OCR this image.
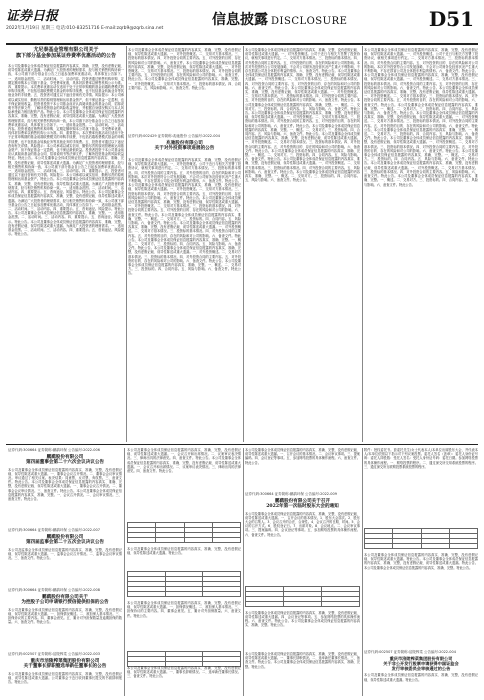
证券日报
2022年1月19日 星期三 电话:010-83251716 E-mail:zqrb9@zqrb.sina.net
信息披露 DISCLOSURE	D51
尤尼泰基金管理有限公司关于
旗下部分基金参加某证券费率优惠活动的公告
本公司及董事会全体成员保证信息披露的内容真实、准确、完整，没有虚假记载、误导性陈述或重大遗漏。为满足广大投资者的理财需求，经与相关销售机构协商一致，本公司旗下部分基金自公告之日起参加费率优惠活动，具体事宜公告如下。一、适用基金范围。二、活动时间。三、活动内容。投资者通过销售机构申购、定期定额申购本公司旗下基金，享受费率优惠，具体折扣费率以销售机构公示为准。四、重要提示。本次费率优惠活动仅适用于处于正常申购期的基金前端收费模式的申购手续费，不包括后端收费模式基金的申购手续费，也不包括基金转换业务等其他业务的手续费。五、投资者可通过以下途径咨询有关详情。风险提示：本公司承诺以诚实信用、勤勉尽责的原则管理和运用基金资产，但不保证基金一定盈利，也不保证最低收益。投资者投资于本公司基金前应认真阅读基金的基金合同、招募说明书等法律文件，了解所投资基金的风险收益特征，并根据自身情况购买与本人风险承受能力相匹配的产品。特此公告。本公司及董事会全体成员保证信息披露的内容真实、准确、完整，没有虚假记载、误导性陈述或重大遗漏。为满足广大投资者的理财需求，经与相关销售机构协商一致，本公司旗下部分基金自公告之日起参加费率优惠活动，具体事宜公告如下。一、适用基金范围。二、活动时间。三、活动内容。投资者通过销售机构申购、定期定额申购本公司旗下基金，享受费率优惠，具体折扣费率以销售机构公示为准。四、重要提示。本次费率优惠活动仅适用于处于正常申购期的基金前端收费模式的申购手续费，不包括后端收费模式基金的申购手续费，也不包括基金转换业务等其他业务的手续费。五、投资者可通过以下途径咨询有关详情。风险提示：本公司承诺以诚实信用、勤勉尽责的原则管理和运用基金资产，但不保证基金一定盈利，也不保证最低收益。投资者投资于本公司基金前应认真阅读基金的基金合同、招募说明书等法律文件，了解所投资基金的风险收益特征。特此公告。本公司及董事会全体成员保证信息披露的内容真实、准确、完整，没有虚假记载、误导性陈述或重大遗漏。为满足广大投资者的理财需求，经与相关销售机构协商一致，本公司旗下部分基金自公告之日起参加费率优惠活动。一、适用基金范围。二、活动时间。三、活动内容。四、重要提示。五、投资者可通过以下途径咨询有关详情。风险提示：本公司承诺以诚实信用、勤勉尽责的原则管理和运用基金资产。特此公告。本公司及董事会全体成员保证信息披露的内容真实、准确、完整，没有虚假记载、误导性陈述或重大遗漏。为满足广大投资者的理财需求，经与相关销售机构协商一致。一、适用基金范围。二、活动时间。三、活动内容。四、重要提示。五、咨询途径。风险提示。特此公告。本公司及董事会全体成员保证信息披露的内容真实、准确、完整，没有虚假记载、误导性陈述或重大遗漏。为满足广大投资者的理财需求，经与相关销售机构协商一致，本公司旗下部分基金自公告之日起参加费率优惠活动，具体事宜公告如下。一、适用基金范围。二、活动时间。三、活动内容。四、重要提示。五、咨询途径。风险提示。特此公告。本公司及董事会全体成员保证信息披露的内容真实、准确、完整。一、适用基金范围。二、活动时间。三、活动内容。四、重要提示。五、咨询途径。风险提示。特此公告。本公司及董事会全体成员保证信息披露的内容真实、准确、完整，没有虚假记载、误导性陈述或重大遗漏。为满足广大投资者的理财需求。一、适用基金范围。二、活动时间。三、活动内容。四、重要提示。五、咨询途径。风险提示。特此公告。
证券代码:002429 证券简称:兆驰股份 公告编号:2022-004
兆驰股份有限公司
关于对外投资事项进展的公告
本公司及董事会全体成员保证信息披露的内容真实、准确、完整，没有虚假记载、误导性陈述或重大遗漏。一、对外投资概述。二、交易对方基本情况。三、投资标的基本情况。四、对外投资合同的主要内容。五、对外投资的目的、存在的风险和对公司的影响。六、备查文件。本公司及董事会全体成员保证信息披露的内容真实、准确、完整，没有虚假记载、误导性陈述或重大遗漏。一、对外投资概述。二、交易对方基本情况。三、投资标的基本情况。四、对外投资合同的主要内容。五、对外投资的目的、存在的风险和对公司的影响。六、备查文件。特此公告。本公司及董事会全体成员保证信息披露的内容真实、准确、完整。一、对外投资概述。二、交易对方基本情况。三、投资标的基本情况。四、合同主要内容。五、风险和影响。六、备查文件。特此公告。
本公司及董事会全体成员保证信息披露的内容真实、准确、完整，没有虚假记载、误导性陈述或重大遗漏。一、对外投资概述。公司于近日与相关方签署了投资协议，就相关事项进行约定。二、交易对方基本情况。三、投资标的基本情况。四、对外投资合同的主要内容。五、对外投资的目的、存在的风险和对公司的影响。本次对外投资符合公司发展战略，不会对公司财务及经营状况产生重大不利影响，不存在损害公司及全体股东利益的情形。六、备查文件。特此公告。本公司及董事会全体成员保证信息披露的内容真实、准确、完整，没有虚假记载、误导性陈述或重大遗漏。一、对外投资概述。二、交易对方基本情况。三、投资标的基本情况。四、对外投资合同的主要内容。五、对外投资的目的、存在的风险和对公司的影响。六、备查文件。特此公告。本公司及董事会全体成员保证信息披露的内容真实、准确、完整，没有虚假记载、误导性陈述或重大遗漏。一、对外投资概述。二、交易对方基本情况。三、投资标的基本情况。四、对外投资合同的主要内容。五、对外投资的目的、存在的风险和对公司的影响。六、备查文件。特此公告。本公司及董事会全体成员保证信息披露的内容真实、准确、完整。一、概述。二、交易对方。三、投资标的。四、合同内容。五、风险与影响。六、备查文件。特此公告。本公司及董事会全体成员保证信息披露的内容真实、准确、完整，没有虚假记载、误导性陈述或重大遗漏。一、对外投资概述。二、交易对方基本情况。三、投资标的基本情况。四、对外投资合同的主要内容。五、对外投资的目的、存在的风险和对公司的影响。六、备查文件。特此公告。本公司及董事会全体成员保证信息披露的内容真实、准确、完整。一、概述。二、交易对方。三、投资标的。四、合同内容。五、风险与影响。六、备查文件。特此公告。本公司及董事会全体成员保证信息披露的内容真实、准确、完整，没有虚假记载、误导性陈述或重大遗漏。一、对外投资概述。二、交易对方基本情况。三、投资标的基本情况。四、对外投资合同的主要内容。五、对外投资的目的、存在的风险和对公司的影响。六、备查文件。特此公告。本公司及董事会全体成员保证信息披露的内容真实、准确、完整。一、概述。二、交易对方。三、投资标的。四、合同内容。五、风险与影响。六、备查文件。特此公告。
本公司及董事会全体成员保证信息披露的内容真实、准确、完整，没有虚假记载、误导性陈述或重大遗漏。一、对外投资概述。公司于近日与相关方签署了投资协议，就相关事项进行约定。二、交易对方基本情况。三、投资标的基本情况。四、对外投资合同的主要内容。五、对外投资的目的、存在的风险和对公司的影响。本次对外投资符合公司发展战略，不会对公司财务及经营状况产生重大不利影响，不存在损害公司及全体股东利益的情形。六、备查文件。特此公告。本公司及董事会全体成员保证信息披露的内容真实、准确、完整，没有虚假记载、误导性陈述或重大遗漏。一、对外投资概述。二、交易对方基本情况。三、投资标的基本情况。四、对外投资合同的主要内容。五、对外投资的目的、存在的风险和对公司的影响。六、备查文件。特此公告。本公司及董事会全体成员保证信息披露的内容真实、准确、完整，没有虚假记载、误导性陈述或重大遗漏。一、对外投资概述。二、交易对方基本情况。三、投资标的基本情况。四、对外投资合同的主要内容。五、对外投资的目的、存在的风险和对公司的影响。六、备查文件。特此公告。本公司及董事会全体成员保证信息披露的内容真实、准确、完整。一、概述。二、交易对方。三、投资标的。四、合同内容。五、风险与影响。六、备查文件。特此公告。本公司及董事会全体成员保证信息披露的内容真实、准确、完整，没有虚假记载、误导性陈述或重大遗漏。一、对外投资概述。二、交易对方基本情况。三、投资标的基本情况。四、对外投资合同的主要内容。五、对外投资的目的、存在的风险和对公司的影响。六、备查文件。特此公告。本公司及董事会全体成员保证信息披露的内容真实、准确、完整。一、概述。二、交易对方。三、投资标的。四、合同内容。五、风险与影响。六、备查文件。特此公告。本公司及董事会全体成员保证信息披露的内容真实、准确、完整，没有虚假记载、误导性陈述或重大遗漏。一、对外投资概述。二、交易对方基本情况。三、投资标的基本情况。四、对外投资合同的主要内容。五、对外投资的目的、存在的风险和对公司的影响。六、备查文件。特此公告。本公司及董事会全体成员保证信息披露的内容真实、准确、完整。一、概述。二、交易对方。三、投资标的。四、合同内容。五、风险与影响。六、备查文件。特此公告。本公司及董事会全体成员保证信息披露的内容真实、准确、完整，没有虚假记载、误导性陈述或重大遗漏。一、对外投资概述。二、交易对方基本情况。三、投资标的基本情况。四、对外投资合同的主要内容。五、风险和影响。六、备查文件。特此公告。本公司及董事会全体成员保证信息披露的内容真实、准确、完整。一、概述。二、交易对方。三、投资标的。四、合同内容。五、风险与影响。六、备查文件。特此公告。
本公司及董事会全体成员保证信息披露的内容真实、准确、完整，没有虚假记载、误导性陈述或重大遗漏。一、对外投资概述。公司于近日与相关方签署了投资协议，就相关事项进行约定。二、交易对方基本情况。三、投资标的基本情况。四、对外投资合同的主要内容。五、对外投资的目的、存在的风险和对公司的影响。本次对外投资符合公司发展战略，不会对公司财务及经营状况产生重大不利影响，不存在损害公司及全体股东利益的情形。六、备查文件。特此公告。本公司及董事会全体成员保证信息披露的内容真实、准确、完整，没有虚假记载、误导性陈述或重大遗漏。一、对外投资概述。二、交易对方基本情况。三、投资标的基本情况。四、对外投资合同的主要内容。五、对外投资的目的、存在的风险和对公司的影响。六、备查文件。特此公告。本公司及董事会全体成员保证信息披露的内容真实、准确、完整，没有虚假记载、误导性陈述或重大遗漏。一、对外投资概述。二、交易对方基本情况。三、投资标的基本情况。四、对外投资合同的主要内容。五、对外投资的目的、存在的风险和对公司的影响。六、备查文件。特此公告。本公司及董事会全体成员保证信息披露的内容真实、准确、完整。一、概述。二、交易对方。三、投资标的。四、合同内容。五、风险与影响。六、备查文件。特此公告。本公司及董事会全体成员保证信息披露的内容真实、准确、完整，没有虚假记载、误导性陈述或重大遗漏。一、对外投资概述。二、交易对方基本情况。三、投资标的基本情况。四、对外投资合同的主要内容。五、对外投资的目的、存在的风险和对公司的影响。六、备查文件。特此公告。本公司及董事会全体成员保证信息披露的内容真实、准确、完整。一、概述。二、交易对方。三、投资标的。四、合同内容。五、风险与影响。六、备查文件。特此公告。本公司及董事会全体成员保证信息披露的内容真实、准确、完整，没有虚假记载、误导性陈述或重大遗漏。一、对外投资概述。二、交易对方基本情况。三、投资标的基本情况。四、对外投资合同的主要内容。五、对外投资的目的、存在的风险和对公司的影响。六、备查文件。特此公告。本公司及董事会全体成员保证信息披露的内容真实、准确、完整。一、概述。二、交易对方。三、投资标的。四、合同内容。五、风险与影响。六、备查文件。特此公告。本公司及董事会全体成员保证信息披露的内容真实、准确、完整，没有虚假记载、误导性陈述或重大遗漏。一、对外投资概述。二、交易对方基本情况。三、投资标的基本情况。四、对外投资合同的主要内容。五、风险和影响。六、备查文件。特此公告。本公司及董事会全体成员保证信息披露的内容真实、准确、完整。一、概述。二、交易对方。三、投资标的。四、合同内容。五、风险与影响。六、备查文件。特此公告。
证券代码:300664 证券简称:鹏鹞环保 公告编号:2022-006
鹏鹞股份有限公司
第四届董事会第二十六次会议决议公告
本公司及董事会全体成员保证信息披露的内容真实、准确、完整，没有虚假记载、误导性陈述或重大遗漏。一、董事会会议召开情况。二、董事会会议审议情况。审议通过了相关议案。表决结果：同意票，反对票，弃权票。三、备查文件。特此公告。本公司及董事会全体成员保证信息披露的内容真实、准确、完整，没有虚假记载、误导性陈述或重大遗漏。一、董事会会议召开情况。二、董事会会议审议情况。三、备查文件。特此公告。本公司及董事会全体成员保证信息披露的内容真实、准确、完整。一、会议召开情况。二、会议审议情况。三、备查文件。特此公告。
证券代码:300664 证券简称:鹏鹞环保 公告编号:2022-007
鹏鹞股份有限公司
第四届监事会第二十五次会议决议公告
本公司及监事会全体成员保证信息披露的内容真实、准确、完整，没有虚假记载、误导性陈述或重大遗漏。一、监事会会议召开情况。二、监事会会议审议情况。三、备查文件。特此公告。
证券代码:300664 证券简称:鹏鹞环保 公告编号:2022-008
鹏鹞股份有限公司关于
为控股子公司申请银行授信提供担保的公告
本公司及董事会全体成员保证信息披露的内容真实、准确、完整，没有虚假记载、误导性陈述或重大遗漏。一、担保情况概述。二、被担保人基本情况。三、担保协议的主要内容。四、董事会意见。五、累计对外担保数量及逾期担保的数量。六、备查文件。特此公告。
证券代码:002507 证券简称:涪陵榨菜 公告编号:2022-003
重庆市涪陵榨菜集团股份有限公司
关于董事长辞职暨选举新任董事长的公告
本公司及董事会全体成员保证信息披露的内容真实、准确、完整，没有虚假记载、误导性陈述或重大遗漏。公司董事会于近日收到董事长提交的书面辞职报告。特此公告。
本公司及董事会全体成员保证信息披露的内容真实、准确、完整，没有虚假记载、误导性陈述或重大遗漏。一、会议召开和出席情况。二、议案审议表决情况。三、律师出具的法律意见。四、备查文件。特此公告。本公司及董事会全体成员保证信息披露的内容真实、准确、完整，没有虚假记载、误导性陈述或重大遗漏。一、会议召开和出席情况。二、议案审议表决情况。三、律师出具的法律意见。四、备查文件。特此公告。

本公司及董事会全体成员保证信息披露的内容真实、准确、完整，没有虚假记载、误导性陈述或重大遗漏。特此公告。

本公司及董事会全体成员保证信息披露的内容真实、准确、完整，没有虚假记载、误导性陈述或重大遗漏。一、担保情况概述。二、被担保人基本情况。三、担保协议的主要内容。四、董事会意见。五、累计对外担保数量。六、备查文件。特此公告。

本公司及董事会全体成员保证信息披露的内容真实、准确、完整，没有虚假记载、误导性陈述或重大遗漏。一、召开会议的基本情况。二、会议审议事项。三、提案编码。四、会议登记等事项。五、参加网络投票的具体操作流程。六、备查文件。特此公告。
证券代码:300664 证券简称:鹏鹞环保 公告编号:2022-009
鹏鹞股份有限公司关于召开
2022年第一次临时股东大会的通知
本公司及董事会全体成员保证信息披露的内容真实、准确、完整，没有虚假记载、误导性陈述或重大遗漏。一、召开会议的基本情况。1、股东大会届次。2、股东大会的召集人。3、会议召开的合法、合规性。4、会议召开的日期、时间。5、会议的召开方式。6、股权登记日。7、出席对象。8、会议地点。二、会议审议事项。三、提案编码。四、会议登记等事项。五、参加网络投票的具体操作流程。六、备查文件。特此公告。

本公司及董事会全体成员保证信息披露的内容真实、准确、完整，没有虚假记载、误导性陈述或重大遗漏。四、会议登记等事项。五、参加网络投票的具体操作流程。六、备查文件。特此公告。本公司及董事会全体成员保证信息披露的内容真实、准确、完整。特此公告。
附件：授权委托书。兹委托先生/女士代表本人/本单位出席股东大会，并代表本人/本单位依照以下指示对下列议案投票。委托人签名（盖章）：委托人身份证号码：委托人持股数：受托人签名：受托人身份证号码：委托日期。参加网络投票的具体操作流程。一、网络投票的程序。二、通过深交所交易系统投票的程序。三、通过深交所互联网投票系统投票的程序。

本公司及董事会全体成员保证信息披露的内容真实、准确、完整，没有虚假记载、误导性陈述或重大遗漏。特此公告。本公司及董事会全体成员保证信息披露的内容真实、准确、完整，没有虚假记载、误导性陈述或重大遗漏。特此公告。本公司及董事会全体成员保证信息披露的内容真实、准确、完整。特此公告。
证券代码:002507 证券简称:涪陵榨菜 公告编号:2022-004
重庆市涪陵榨菜集团股份有限公司
关于非公开发行股票申请获得中国证监会
发行审核委员会审核通过的公告
本公司及董事会全体成员保证信息披露的内容真实、准确、完整，没有虚假记载、误导性陈述或重大遗漏。特此公告。
本公司及董事会全体成员保证信息披露的内容真实、准确、完整，没有虚假记载、误导性陈述或重大遗漏。一、董事长辞职情况。二、选举新任董事长情况。三、备查文件。特此公告。本公司及董事会全体成员保证信息披露的内容真实、准确、完整。特此公告。
本公司及董事会全体成员保证信息披露的内容真实、准确、完整，没有虚假记载、误导性陈述或重大遗漏。一、董事长辞职情况。二、选举新任董事长情况。三、备查文件。特此公告。
